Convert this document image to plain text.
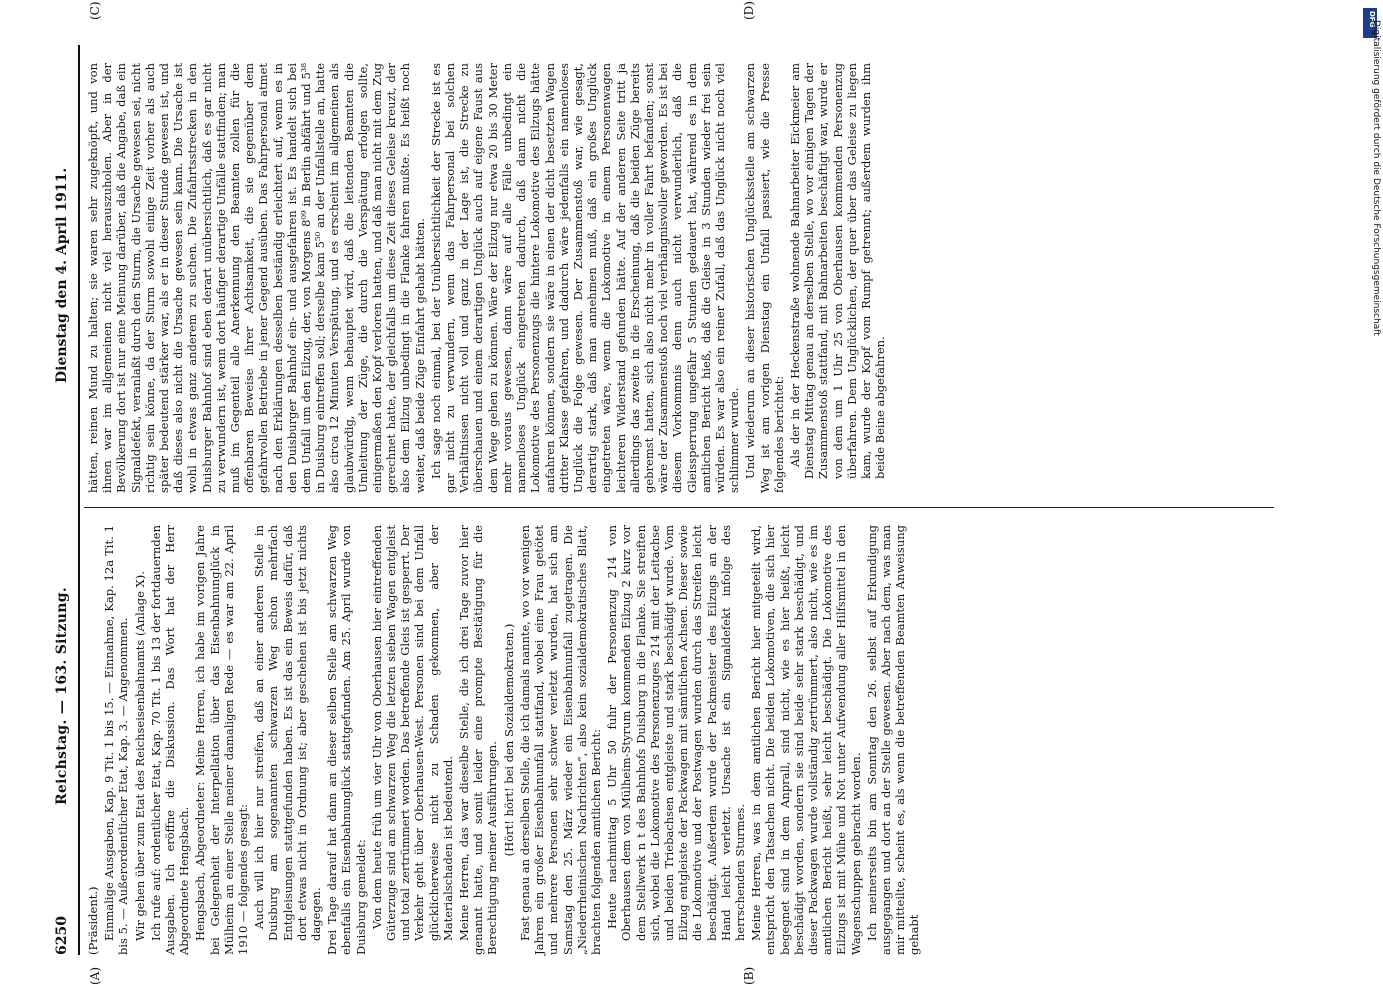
6250
Reichstag. — 163. Sitzung.
Dienstag den 4. April 1911.
(A)	(B)
(C)	(D)

(Präsident.) Einmalige Ausgaben, Kap. 9 Tit. 1 bis 15. — Einnahme, Kap. 12a Tit. 1 bis 5. — Außerordentlicher Etat, Kap. 3. — Angenommen. Wir gehen über zum Etat des Reichseisenbahnamts (Anlage X). Ich rufe auf: ordentlicher Etat, Kap. 70 Tit. 1 bis 13 der fortdauernden Ausgaben. Ich eröffne die Diskussion. Das Wort hat der Herr Abgeordnete Hengsbach. Hengsbach, Abgeordneter: Meine Herren, ich habe im vorigen Jahre bei Gelegenheit der Interpellation über das Eisenbahnunglück in Mülheim an einer Stelle meiner damaligen Rede — es war am 22. April 1910 — folgendes gesagt: Auch will ich hier nur streifen, daß an einer anderen Stelle in Duisburg am sogenannten schwarzen Weg schon mehrfach Entgleisungen stattgefunden haben. Es ist das ein Beweis dafür, daß dort etwas nicht in Ordnung ist; aber geschehen ist bis jetzt nichts dagegen. Drei Tage darauf hat dann an dieser selben Stelle am schwarzen Weg ebenfalls ein Eisenbahnunglück stattgefunden. Am 25. April wurde von Duisburg gemeldet: Von dem heute früh um vier Uhr von Oberhausen hier eintreffenden Güterzuge sind am schwarzen Weg die letzten sieben Wagen entgleist und total zertrümmert worden. Das betreffende Gleis ist gesperrt. Der Verkehr geht über Oberhausen-West. Personen sind bei dem Unfall glücklicherweise nicht zu Schaden gekommen, aber der Materialschaden ist bedeutend. Meine Herren, das war dieselbe Stelle, die ich drei Tage zuvor hier genannt hatte, und somit leider eine prompte Bestätigung für die Berechtigung meiner Ausführungen. (Hört! hört! bei den Sozialdemokraten.) Fast genau an derselben Stelle, die ich damals nannte, wo vor wenigen Jahren ein großer Eisenbahnunfall stattfand, wobei eine Frau getötet und mehrere Personen sehr schwer verletzt wurden, hat sich am Samstag den 25. März wieder ein Eisenbahnunfall zugetragen. Die „Niederrheinischen Nachrichten“, also kein sozialdemokratisches Blatt, brachten folgenden amtlichen Bericht: Heute nachmittag 5 Uhr 50 fuhr der Personenzug 214 von Oberhausen dem von Mülheim-Styrum kommenden Eilzug 2 kurz vor dem Stellwerk n t des Bahnhofs Duisburg in die Flanke. Sie streiften sich, wobei die Lokomotive des Personenzuges 214 mit der Leitachse und beiden Triebachsen entgleiste und stark beschädigt wurde. Vom Eilzug entgleiste der Packwagen mit sämtlichen Achsen. Dieser sowie die Lokomotive und der Postwagen wurden durch das Streifen leicht beschädigt. Außerdem wurde der Packmeister des Eilzugs an der Hand leicht verletzt. Ursache ist ein Signaldefekt infolge des herrschenden Sturmes. Meine Herren, was in dem amtlichen Bericht hier mitgeteilt wird, entspricht den Tatsachen nicht. Die beiden Lokomotiven, die sich hier begegnet sind in dem Anprall, sind nicht, wie es hier heißt, leicht beschädigt worden, sondern sie sind beide sehr stark beschädigt, und dieser Packwagen wurde vollständig zertrümmert, also nicht, wie es im amtlichen Bericht heißt, sehr leicht beschädigt. Die Lokomotive des Eilzugs ist mit Mühe und Not unter Aufwendung aller Hilfsmittel in den Wagenschuppen gebracht worden. Ich meinerseits bin am Sonntag den 26. selbst auf Erkundigung ausgegangen und dort an der Stelle gewesen. Aber nach dem, was man mir mitteilte, scheint es, als wenn die betreffenden Beamten Anweisung gehabt

hätten, reinen Mund zu halten; sie waren sehr zugeknöpft, und von ihnen war im allgemeinen nicht viel herauszuholen. Aber in der Bevölkerung dort ist nur eine Meinung darüber, daß die Angabe, daß ein Signaldefekt, veranlaßt durch den Sturm, die Ursache gewesen sei, nicht richtig sein könne, da der Sturm sowohl einige Zeit vorher als auch später bedeutend stärker war, als er in dieser Stunde gewesen ist, und daß dieses also nicht die Ursache gewesen sein kann. Die Ursache ist wohl in etwas ganz anderem zu suchen. Die Zufahrtsstrecken in den Duisburger Bahnhof sind eben derart unübersichtlich, daß es gar nicht zu verwundern ist, wenn dort häufiger derartige Unfälle stattfinden; man muß im Gegenteil alle Anerkennung den Beamten zollen für die offenbaren Beweise ihrer Achtsamkeit, die sie gegenüber dem gefahrvollen Betriebe in jener Gegend ausüben. Das Fahrpersonal atmet nach den Erklärungen desselben beständig erleichtert auf, wenn es in den Duisburger Bahnhof ein- und ausgefahren ist. Es handelt sich bei dem Unfall um den Eilzug, der, von Morgens 8⁰⁹ in Berlin abfährt und 5³⁸ in Duisburg eintreffen soll; derselbe kam 5⁵⁰ an der Unfallstelle an, hatte also circa 12 Minuten Verspätung, und es erscheint im allgemeinen als glaubwürdig, wenn behauptet wird, daß die leitenden Beamten die Umleitung der Züge, die durch die Verspätung erfolgen sollte, einigermaßen den Kopf verloren hatten, und daß man nicht mit dem Zug gerechnet hatte, der gleichfalls um diese Zeit dieses Geleise kreuzt, der also dem Eilzug unbedingt in die Flanke fahren mußte. Es heißt noch weiter, daß beide Züge Einfahrt gehabt hätten. Ich sage noch einmal, bei der Unübersichtlichkeit der Strecke ist es gar nicht zu verwundern, wenn das Fahrpersonal bei solchen Verhältnissen nicht voll und ganz in der Lage ist, die Strecke zu überschauen und einem derartigen Unglück auch auf eigene Faust aus dem Wege gehen zu können. Wäre der Eilzug nur etwa 20 bis 30 Meter mehr voraus gewesen, dann wäre auf alle Fälle unbedingt ein namenloses Unglück eingetreten dadurch, daß dann nicht die Lokomotive des Personenzugs die hintere Lokomotive des Eilzugs hätte anfahren können, sondern sie wäre in einen der dicht besetzten Wagen dritter Klasse gefahren, und dadurch wäre jedenfalls ein namenloses Unglück die Folge gewesen. Der Zusammenstoß war, wie gesagt, derartig stark, daß man annehmen muß, daß ein großes Unglück eingetreten wäre, wenn die Lokomotive in einem Personenwagen leichteren Widerstand gefunden hätte. Auf der anderen Seite tritt ja allerdings das zweite in die Erscheinung, daß die beiden Züge bereits gebremst hatten, sich also nicht mehr in voller Fahrt befanden; sonst wäre der Zusammenstoß noch viel verhängnisvoller geworden. Es ist bei diesem Vorkommnis denn auch nicht verwunderlich, daß die Gleissperrung ungefähr 5 Stunden gedauert hat, während es in dem amtlichen Bericht hieß, daß die Gleise in 3 Stunden wieder frei sein würden. Es war also ein reiner Zufall, daß das Unglück nicht noch viel schlimmer wurde. Und wiederum an dieser historischen Unglücksstelle am schwarzen Weg ist am vorigen Dienstag ein Unfall passiert, wie die Presse folgendes berichtet: Als der in der Heckenstraße wohnende Bahnarbeiter Eickmeier am Dienstag Mittag genau an derselben Stelle, wo vor einigen Tagen der Zusammenstoß stattfand, mit Bahnarbeiten beschäftigt war, wurde er von dem um 1 Uhr 25 von Oberhausen kommenden Personenzug überfahren. Dem Unglücklichen, der quer über das Geleise zu liegen kam, wurde der Kopf vom Rumpf getrennt; außerdem wurden ihm beide Beine abgefahren.

DFG
Digitalisierung gefördert durch die Deutsche Forschungsgemeinschaft
